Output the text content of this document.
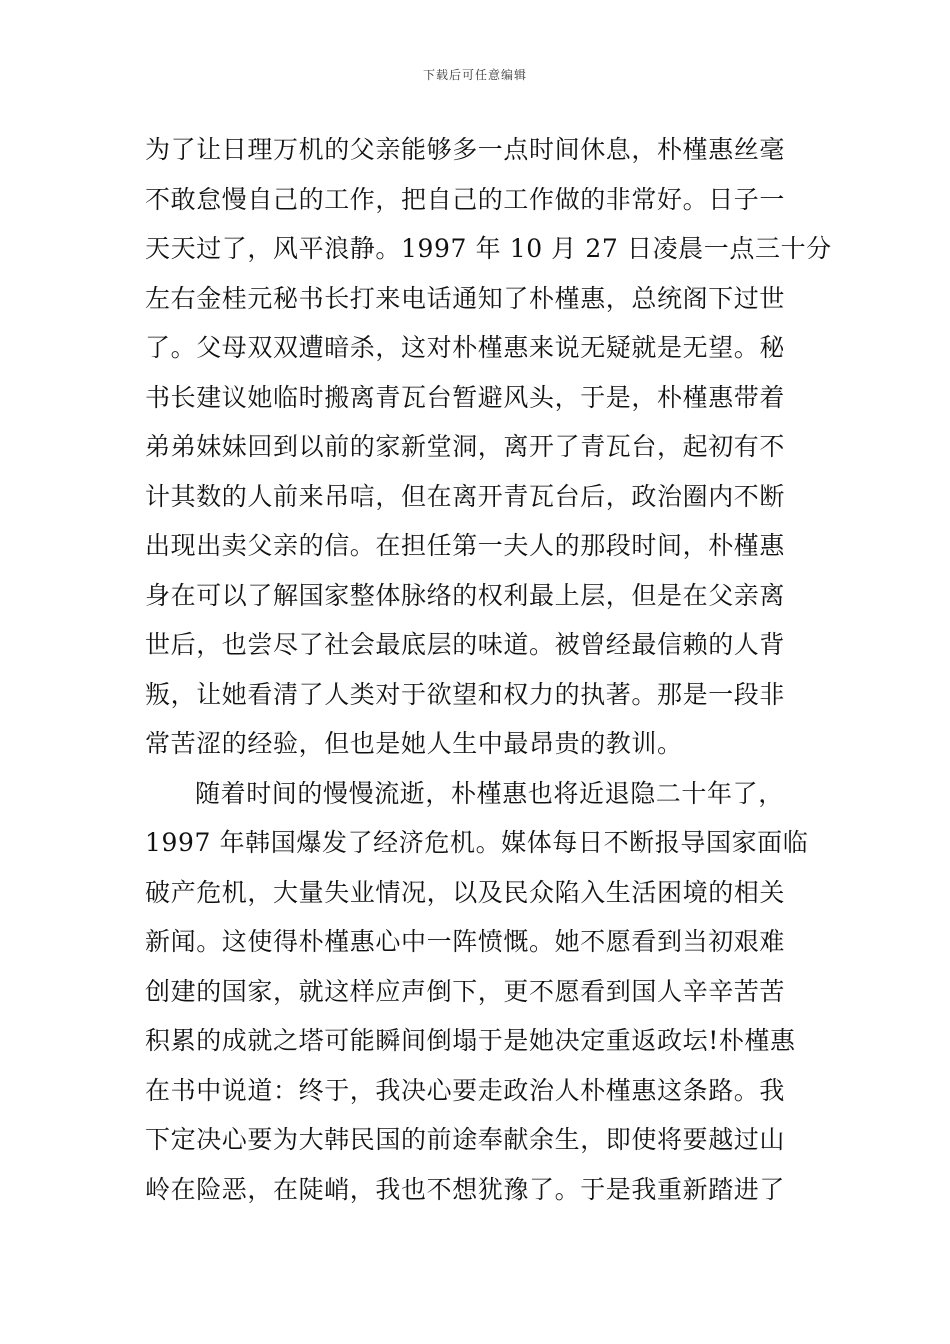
下载后可任意编辑
为了让日理万机的父亲能够多一点时间休息，朴槿惠丝毫
不敢怠慢自己的工作，把自己的工作做的非常好。日子一
天天过了，风平浪静。1997 年 10 月 27 日凌晨一点三十分
左右金桂元秘书长打来电话通知了朴槿惠，总统阁下过世
了。父母双双遭暗杀，这对朴槿惠来说无疑就是无望。秘
书长建议她临时搬离青瓦台暂避风头，于是，朴槿惠带着
弟弟妹妹回到以前的家新堂洞，离开了青瓦台，起初有不
计其数的人前来吊唁，但在离开青瓦台后，政治圈内不断
出现出卖父亲的信。在担任第一夫人的那段时间，朴槿惠
身在可以了解国家整体脉络的权利最上层，但是在父亲离
世后，也尝尽了社会最底层的味道。被曾经最信赖的人背
叛，让她看清了人类对于欲望和权力的执著。那是一段非
常苦涩的经验，但也是她人生中最昂贵的教训。
随着时间的慢慢流逝，朴槿惠也将近退隐二十年了，
1997 年韩国爆发了经济危机。媒体每日不断报导国家面临
破产危机，大量失业情况，以及民众陷入生活困境的相关
新闻。这使得朴槿惠心中一阵愤慨。她不愿看到当初艰难
创建的国家，就这样应声倒下，更不愿看到国人辛辛苦苦
积累的成就之塔可能瞬间倒塌于是她决定重返政坛!朴槿惠
在书中说道：终于，我决心要走政治人朴槿惠这条路。我
下定决心要为大韩民国的前途奉献余生，即使将要越过山
岭在险恶，在陡峭，我也不想犹豫了。于是我重新踏进了
